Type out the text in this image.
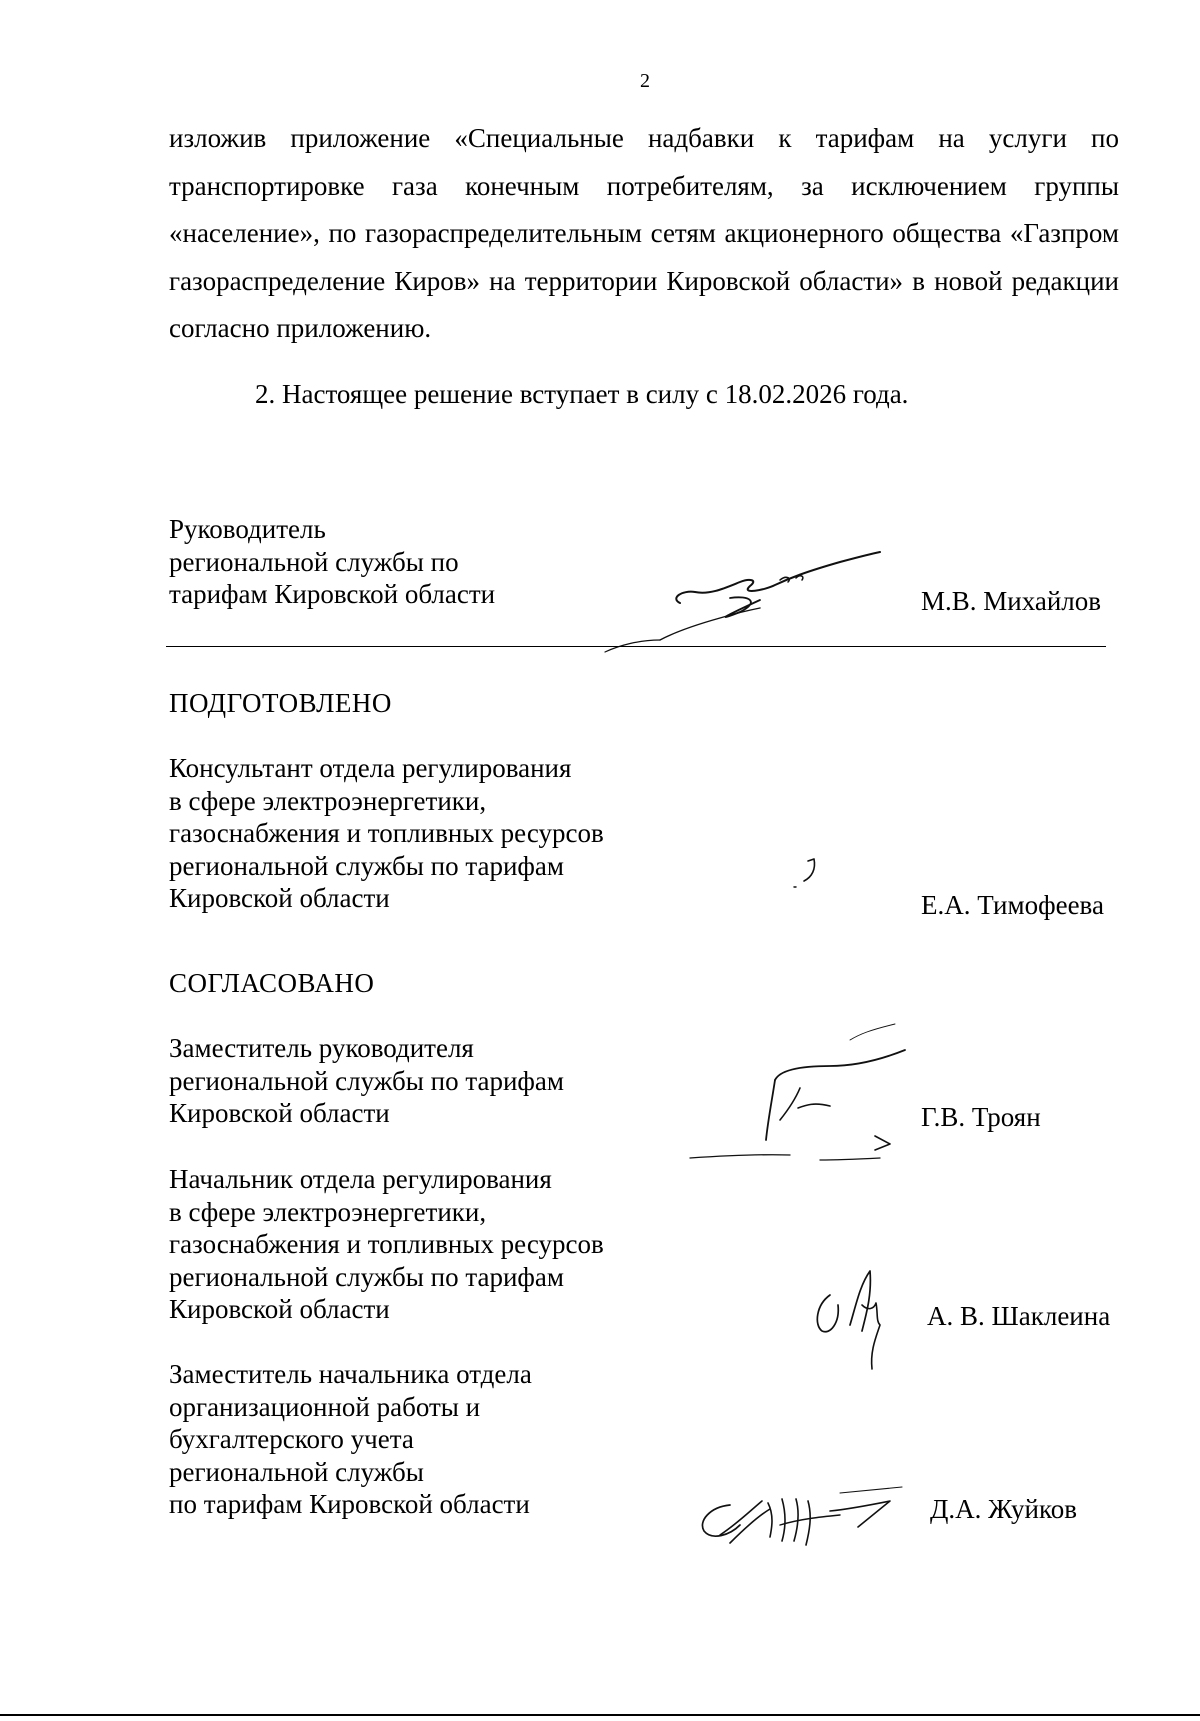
2

изложив приложение «Специальные надбавки к тарифам на услуги по транспортировке газа конечным потребителям, за исключением группы «население», по газораспределительным сетям акционерного общества «Газпром газораспределение Киров» на территории Кировской области» в новой редакции согласно приложению.

2. Настоящее решение вступает в силу с 18.02.2026 года.

Руководитель
региональной службы по
тарифам Кировской области	М.В. Михайлов
ПОДГОТОВЛЕНО
Консультант отдела регулирования
в сфере электроэнергетики,
газоснабжения и топливных ресурсов
региональной службы по тарифам
Кировской области	Е.А. Тимофеева
СОГЛАСОВАНО
Заместитель руководителя
региональной службы по тарифам
Кировской области	Г.В. Троян
Начальник отдела регулирования
в сфере электроэнергетики,
газоснабжения и топливных ресурсов
региональной службы по тарифам
Кировской области	А. В. Шаклеина
Заместитель начальника отдела
организационной работы и
бухгалтерского учета
региональной службы
по тарифам Кировской области	Д.А. Жуйков
